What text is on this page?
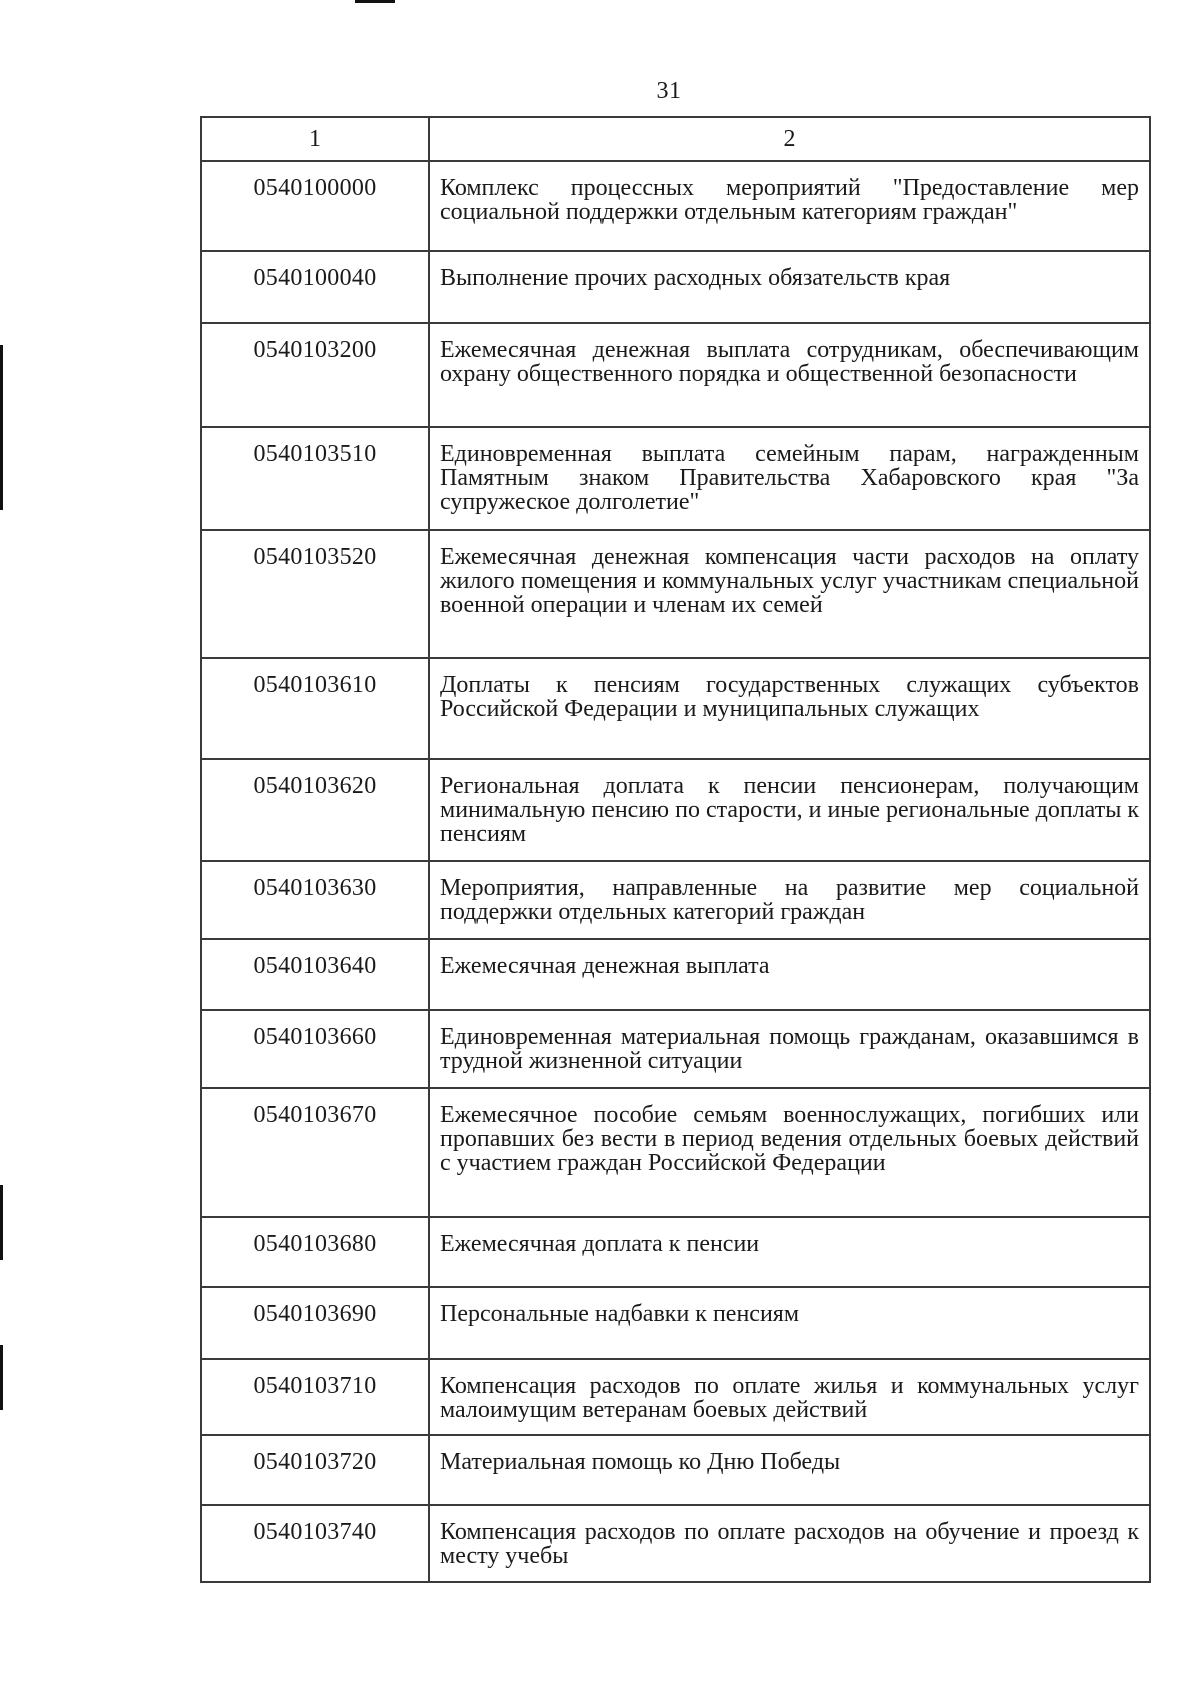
31
1	2
0540100000	Комплекс процессных мероприятий "Предоставление мер социальной поддержки отдельным категориям граждан"
0540100040	Выполнение прочих расходных обязательств края
0540103200	Ежемесячная денежная выплата сотрудникам, обеспечивающим охрану общественного порядка и общественной безопасности
0540103510	Единовременная выплата семейным парам, награжденным Памятным знаком Правительства Хабаровского края "За супружеское долголетие"
0540103520	Ежемесячная денежная компенсация части расходов на оплату жилого помещения и коммунальных услуг участникам специальной военной операции и членам их семей
0540103610	Доплаты к пенсиям государственных служащих субъектов Российской Федерации и муниципальных служащих
0540103620	Региональная доплата к пенсии пенсионерам, получающим минимальную пенсию по старости, и иные региональные доплаты к пенсиям
0540103630	Мероприятия, направленные на развитие мер социальной поддержки отдельных категорий граждан
0540103640	Ежемесячная денежная выплата
0540103660	Единовременная материальная помощь гражданам, оказавшимся в трудной жизненной ситуации
0540103670	Ежемесячное пособие семьям военнослужащих, погибших или пропавших без вести в период ведения отдельных боевых действий с участием граждан Российской Федерации
0540103680	Ежемесячная доплата к пенсии
0540103690	Персональные надбавки к пенсиям
0540103710	Компенсация расходов по оплате жилья и коммунальных услуг малоимущим ветеранам боевых действий
0540103720	Материальная помощь ко Дню Победы
0540103740	Компенсация расходов по оплате расходов на обучение и проезд к месту учебы
